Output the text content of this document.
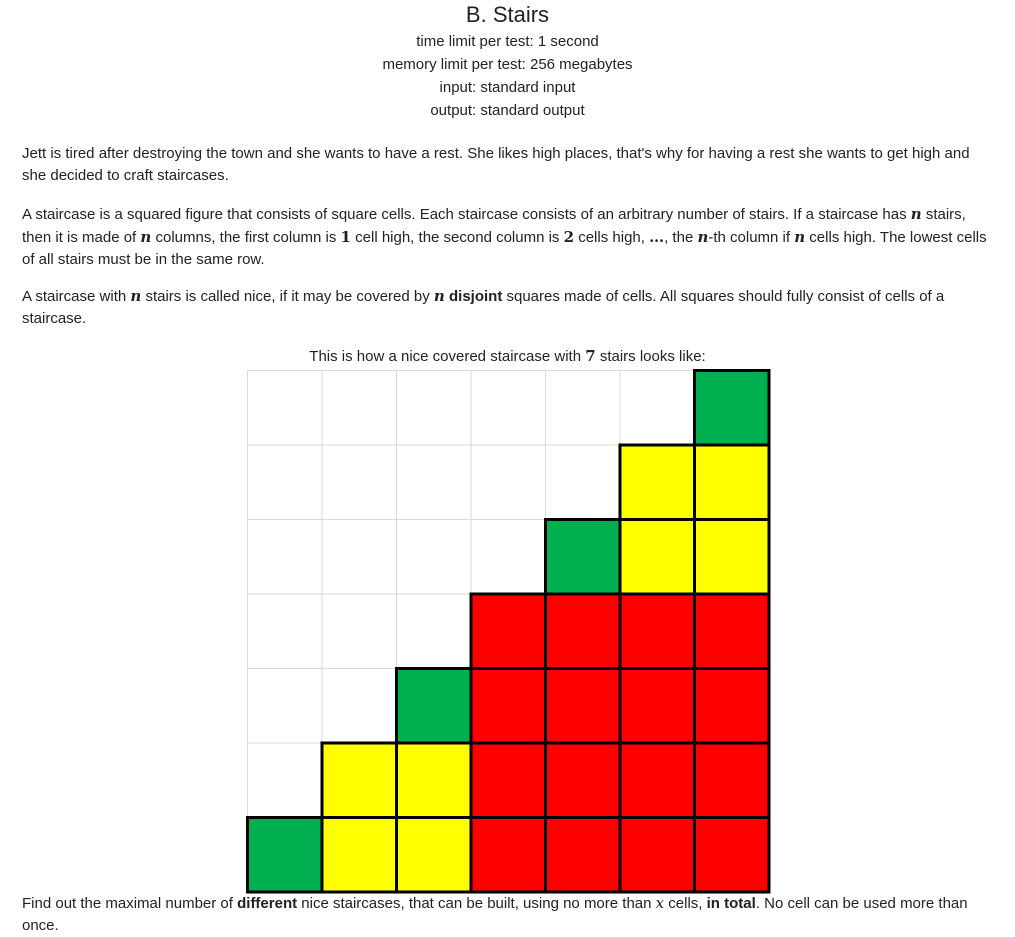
B. Stairs
time limit per test: 1 second
memory limit per test: 256 megabytes
input: standard input
output: standard output
Jett is tired after destroying the town and she wants to have a rest. She likes high places, that's why for having a rest she wants to get high and she decided to craft staircases.
A staircase is a squared figure that consists of square cells. Each staircase consists of an arbitrary number of stairs. If a staircase has n stairs, then it is made of n columns, the first column is 1 cell high, the second column is 2 cells high, …, the n-th column if n cells high. The lowest cells of all stairs must be in the same row.
A staircase with n stairs is called nice, if it may be covered by n disjoint squares made of cells. All squares should fully consist of cells of a staircase.
This is how a nice covered staircase with 7 stairs looks like:
Find out the maximal number of different nice staircases, that can be built, using no more than x cells, in total. No cell can be used more than once.
